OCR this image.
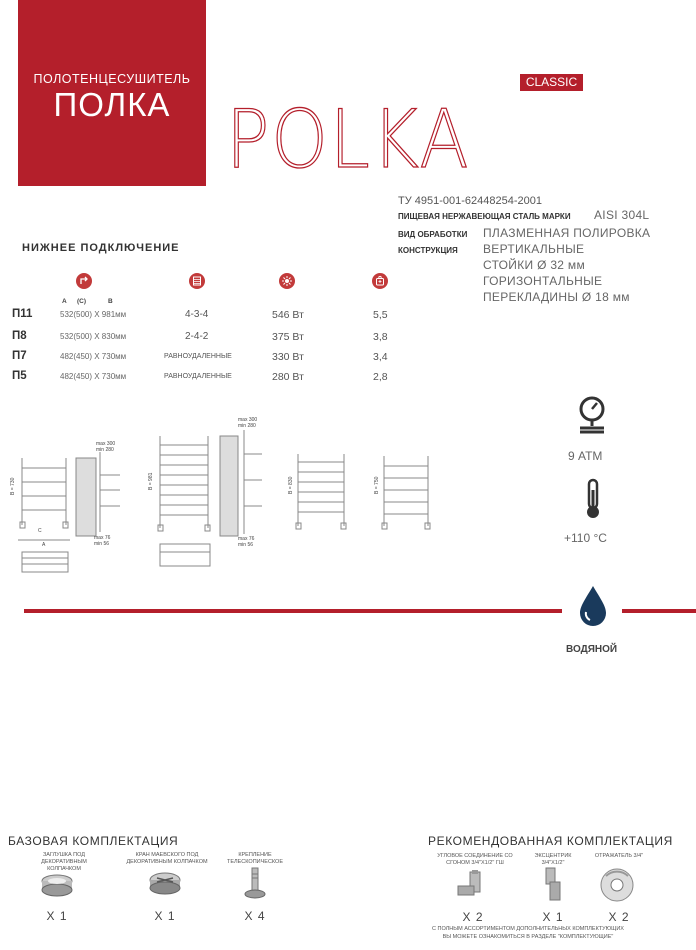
ПОЛОТЕНЦЕСУШИТЕЛЬ
ПОЛКА
CLASSIC
POLKA
ТУ 4951-001-62448254-2001
ПИЩЕВАЯ НЕРЖАВЕЮЩАЯ СТАЛЬ МАРКИ AISI 304L
ВИД ОБРАБОТКИ ПЛАЗМЕННАЯ ПОЛИРОВКА
КОНСТРУКЦИЯ ВЕРТИКАЛЬНЫЕ
СТОЙКИ Ø 32 мм
ГОРИЗОНТАЛЬНЫЕ
ПЕРЕКЛАДИНЫ Ø 18 мм
НИЖНЕЕ ПОДКЛЮЧЕНИЕ
A (C)	B
П11	532(500) X 981мм	4-3-4	546 Вт	5,5
П8	532(500) X 830мм	2-4-2	375 Вт	3,8
П7	482(450) X 730мм	РАВНОУДАЛЕННЫЕ	330 Вт	3,4
П5	482(450) X 730мм	РАВНОУДАЛЕННЫЕ	280 Вт	2,8
B = 730
C
A
max 300
min 280
max 76
min 56
B = 981
max 300
min 280
max 76
min 56
B = 830	B = 750
9 АТМ
+110 °C
ВОДЯНОЙ
БАЗОВАЯ КОМПЛЕКТАЦИЯ
ЗАГЛУШКА ПОД ДЕКОРАТИВНЫМ КОЛПАЧКОМ
X 1
КРАН МАЕВСКОГО ПОД ДЕКОРАТИВНЫМ КОЛПАЧКОМ
X 1
КРЕПЛЕНИЕ ТЕЛЕСКОПИЧЕСКОЕ
X 4
РЕКОМЕНДОВАННАЯ КОМПЛЕКТАЦИЯ
УГЛОВОЕ СОЕДИНЕНИЕ СО СГОНОМ 3/4"X1/2" ГШ
X 2
ЭКСЦЕНТРИК 3/4"X1/2"
X 1
ОТРАЖАТЕЛЬ 3/4"
X 2
С ПОЛНЫМ АССОРТИМЕНТОМ ДОПОЛНИТЕЛЬНЫХ КОМПЛЕКТУЮЩИХ
ВЫ МОЖЕТЕ ОЗНАКОМИТЬСЯ В РАЗДЕЛЕ "КОМПЛЕКТУЮЩИЕ"
